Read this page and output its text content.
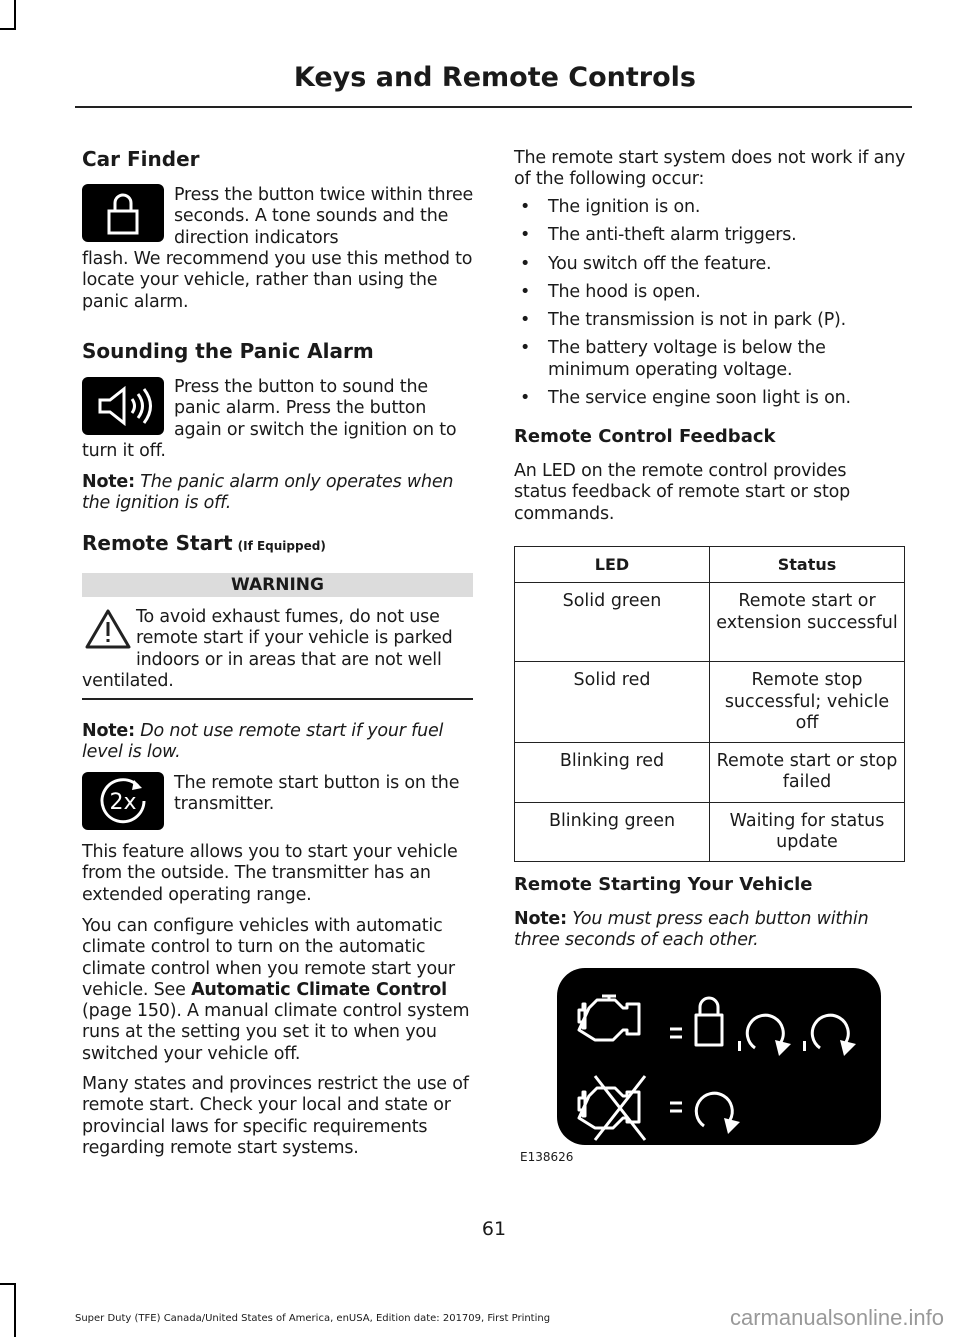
Keys and Remote Controls
Car Finder

Press the button twice within three seconds. A tone sounds and the direction indicators

flash. We recommend you use this method to locate your vehicle, rather than using the panic alarm.

Sounding the Panic Alarm

Press the button to sound the panic alarm. Press the button again or switch the ignition on to

turn it off.

Note: The panic alarm only operates when the ignition is off.

Remote Start (If Equipped)
WARNING

To avoid exhaust fumes, do not use remote start if your vehicle is parked indoors or in areas that are not well

ventilated.

Note: Do not use remote start if your fuel level is low.

2x

The remote start button is on the transmitter.

This feature allows you to start your vehicle from the outside. The transmitter has an extended operating range.

You can configure vehicles with automatic climate control to turn on the automatic climate control when you remote start your vehicle. See Automatic Climate Control (page 150). A manual climate control system runs at the setting you set it to when you switched your vehicle off.

Many states and provinces restrict the use of remote start. Check your local and state or provincial laws for specific requirements regarding remote start systems.

The remote start system does not work if any of the following occur:

• The ignition is on.
• The anti-theft alarm triggers.
• You switch off the feature.
• The hood is open.
• The transmission is not in park (P).
• The battery voltage is below the minimum operating voltage.
• The service engine soon light is on.
Remote Control Feedback

An LED on the remote control provides status feedback of remote start or stop commands.

LED	Status
Solid green	Remote start or extension successful
Solid red	Remote stop successful; vehicle off
Blinking red	Remote start or stop failed
Blinking green	Waiting for status update
Remote Starting Your Vehicle

Note: You must press each button within three seconds of each other.

E138626
61
Super Duty (TFE) Canada/United States of America, enUSA, Edition date: 201709, First Printing	carmanualsonline.info
